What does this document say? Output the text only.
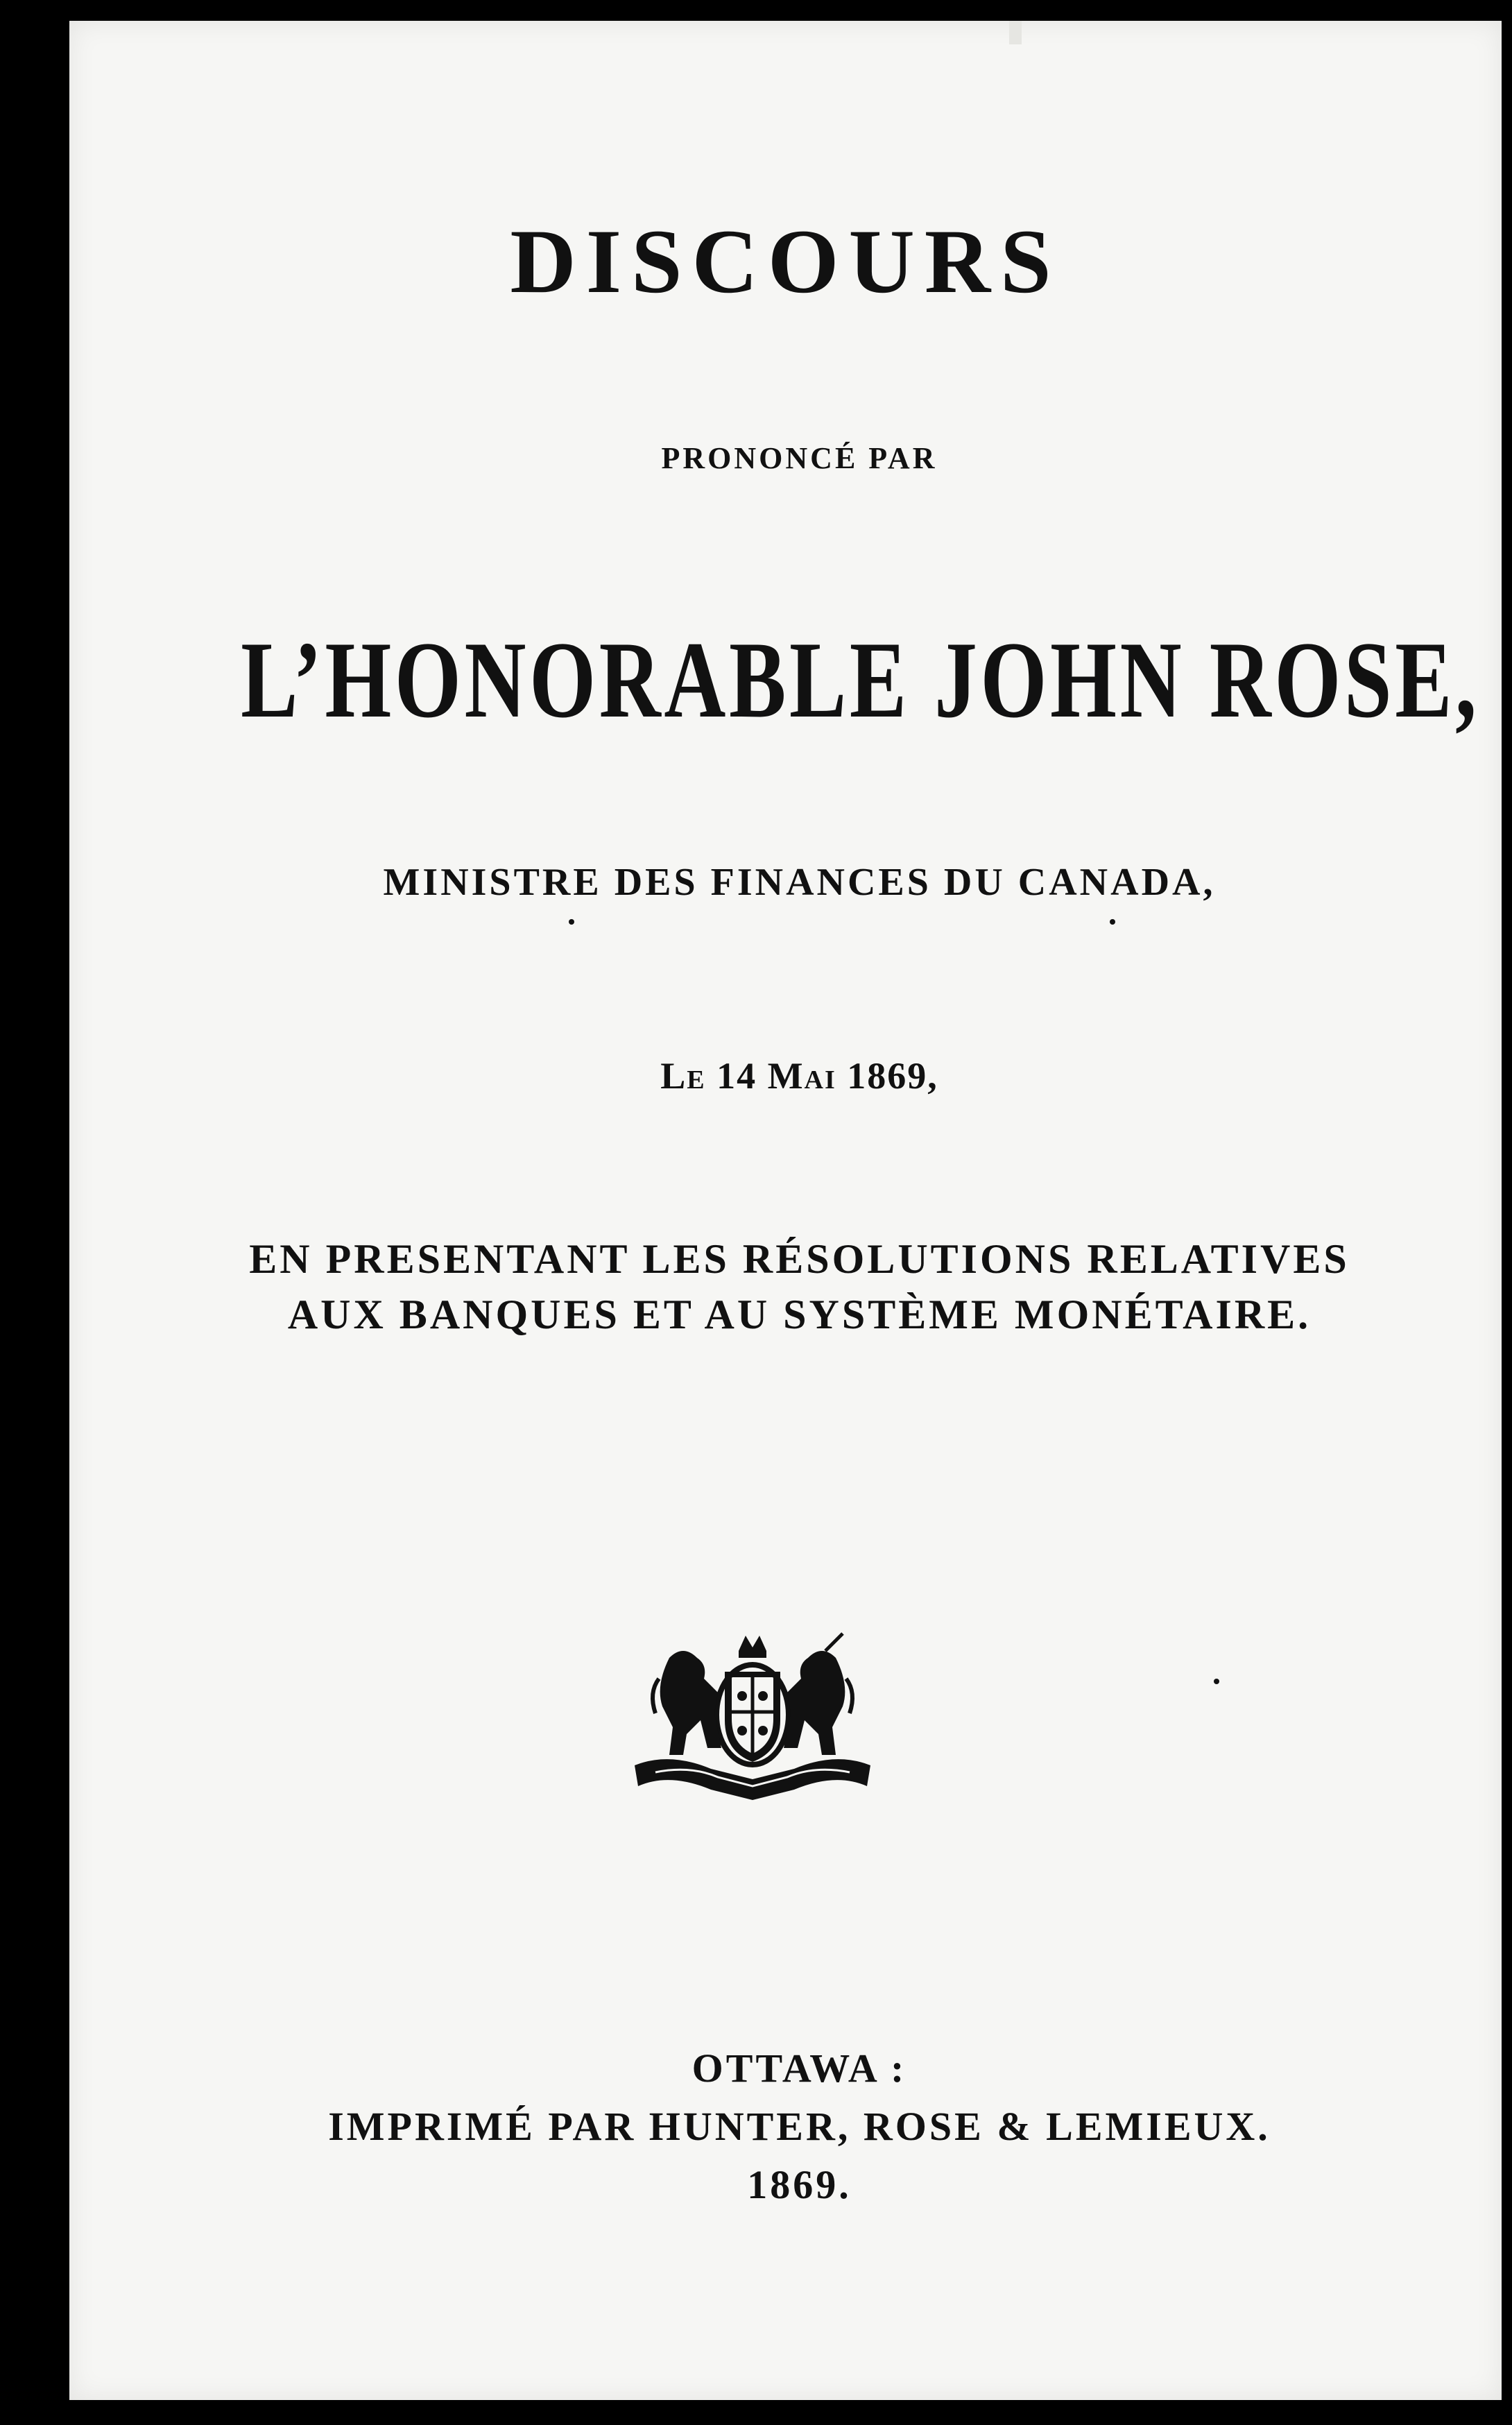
DISCOURS
PRONONCÉ PAR
L’HONORABLE JOHN ROSE,
MINISTRE DES FINANCES DU CANADA,
Le 14 Mai 1869,
EN PRESENTANT LES RÉSOLUTIONS RELATIVES
AUX BANQUES ET AU SYSTÈME MONÉTAIRE.
OTTAWA :
IMPRIMÉ PAR HUNTER, ROSE & LEMIEUX.
1869.
